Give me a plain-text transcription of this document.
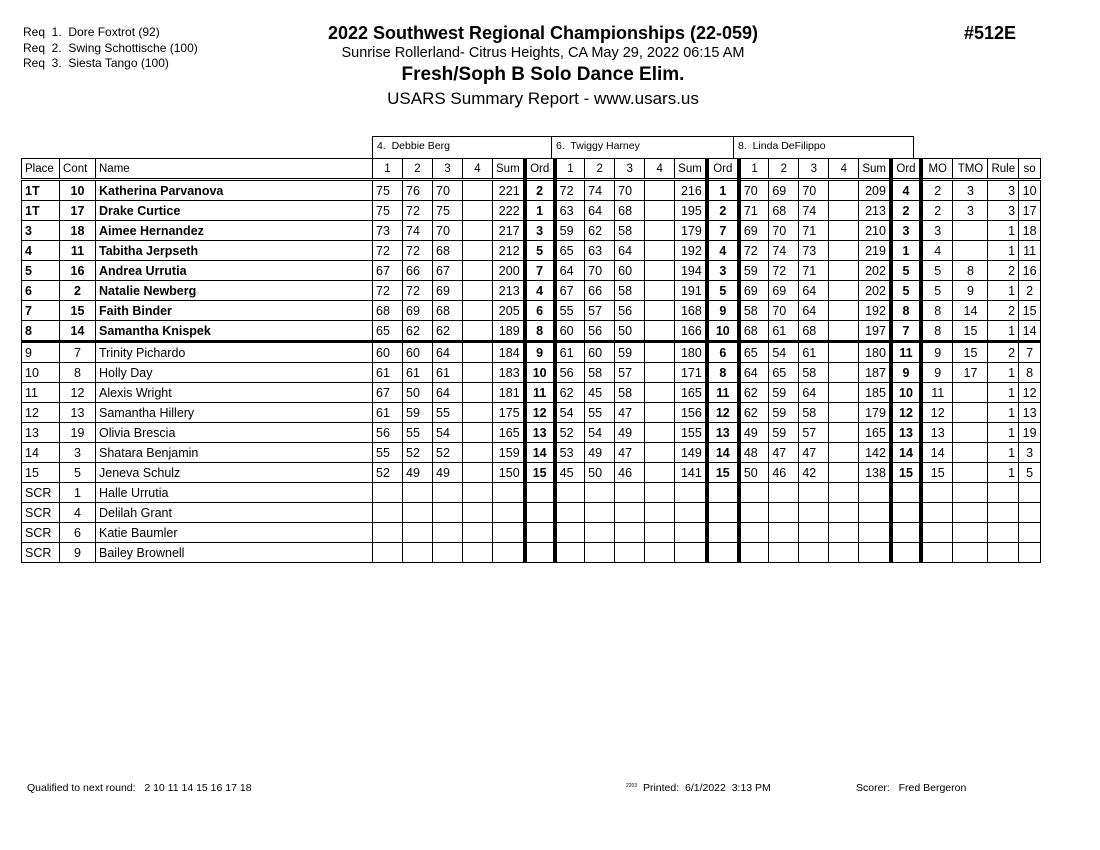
Req  1.  Dore Foxtrot (92)
Req  2.  Swing Schottische (100)
Req  3.  Siesta Tango (100)
2022 Southwest Regional Championships (22-059)
Sunrise Rollerland- Citrus Heights, CA May 29, 2022 06:15 AM
Fresh/Soph B Solo Dance Elim.
USARS Summary Report - www.usars.us
#512E
4.  Debbie Berg	6.  Twiggy Harney	8.  Linda DeFilippo
Place	Cont	Name	1	2	3	4	Sum	Ord	1	2	3	4	Sum	Ord	1	2	3	4	Sum	Ord	MO	TMO	Rule	so
1T	10	Katherina Parvanova	75	76	70		221	2	72	74	70		216	1	70	69	70		209	4	2	3	3	10
1T	17	Drake Curtice	75	72	75		222	1	63	64	68		195	2	71	68	74		213	2	2	3	3	17
3	18	Aimee Hernandez	73	74	70		217	3	59	62	58		179	7	69	70	71		210	3	3		1	18
4	11	Tabitha Jerpseth	72	72	68		212	5	65	63	64		192	4	72	74	73		219	1	4		1	11
5	16	Andrea Urrutia	67	66	67		200	7	64	70	60		194	3	59	72	71		202	5	5	8	2	16
6	2	Natalie Newberg	72	72	69		213	4	67	66	58		191	5	69	69	64		202	5	5	9	1	2
7	15	Faith Binder	68	69	68		205	6	55	57	56		168	9	58	70	64		192	8	8	14	2	15
8	14	Samantha Knispek	65	62	62		189	8	60	56	50		166	10	68	61	68		197	7	8	15	1	14
9	7	Trinity Pichardo	60	60	64		184	9	61	60	59		180	6	65	54	61		180	11	9	15	2	7
10	8	Holly Day	61	61	61		183	10	56	58	57		171	8	64	65	58		187	9	9	17	1	8
11	12	Alexis Wright	67	50	64		181	11	62	45	58		165	11	62	59	64		185	10	11		1	12
12	13	Samantha Hillery	61	59	55		175	12	54	55	47		156	12	62	59	58		179	12	12		1	13
13	19	Olivia Brescia	56	55	54		165	13	52	54	49		155	13	49	59	57		165	13	13		1	19
14	3	Shatara Benjamin	55	52	52		159	14	53	49	47		149	14	48	47	47		142	14	14		1	3
15	5	Jeneva Schulz	52	49	49		150	15	45	50	46		141	15	50	46	42		138	15	15		1	5
SCR	1	Halle Urrutia																						
SCR	4	Delilah Grant																						
SCR	6	Katie Baumler																						
SCR	9	Bailey Brownell																						
Qualified to next round:   2 10 11 14 15 16 17 18	$^{2203}$ Printed:  6/1/2022  3:13 PM	Scorer:   Fred Bergeron
